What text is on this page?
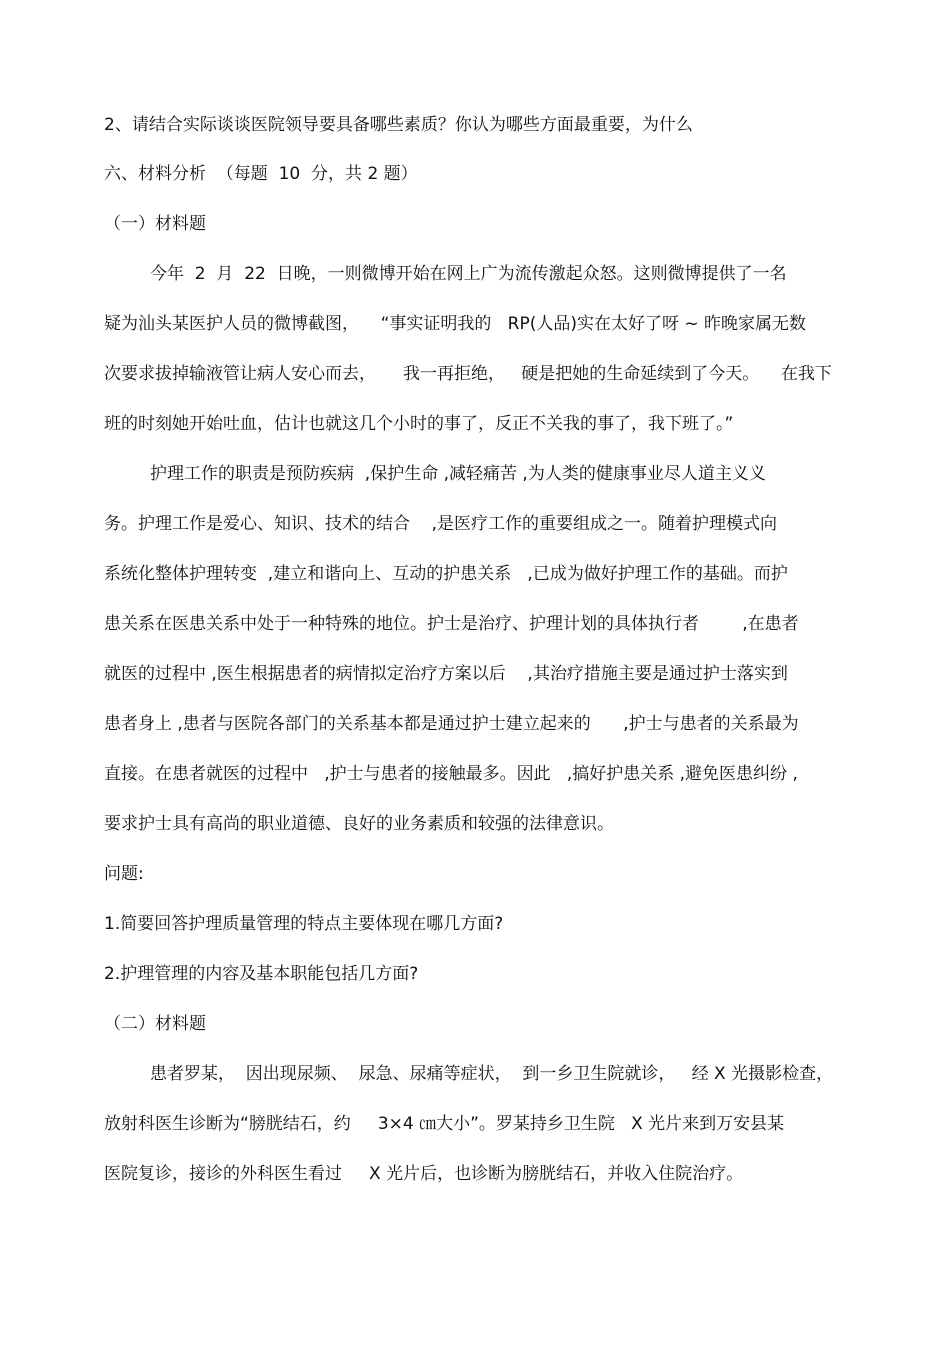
2、请结合实际谈谈医院领导要具备哪些素质？你认为哪些方面最重要，为什么
六、材料分析  （每题  10  分，共 2 题）
（一）材料题
今年  2  月  22  日晚，一则微博开始在网上广为流传激起众怒。这则微博提供了一名
疑为汕头某医护人员的微博截图，    “事实证明我的   RP(人品)实在太好了呀 ~ 昨晚家属无数
次要求拔掉输液管让病人安心而去，     我一再拒绝，   硬是把她的生命延续到了今天。    在我下
班的时刻她开始吐血，估计也就这几个小时的事了，反正不关我的事了，我下班了。”
护理工作的职责是预防疾病  ,保护生命 ,减轻痛苦 ,为人类的健康事业尽人道主义义
务。护理工作是爱心、知识、技术的结合    ,是医疗工作的重要组成之一。随着护理模式向
系统化整体护理转变  ,建立和谐向上、互动的护患关系   ,已成为做好护理工作的基础。而护
患关系在医患关系中处于一种特殊的地位。护士是治疗、护理计划的具体执行者        ,在患者
就医的过程中 ,医生根据患者的病情拟定治疗方案以后    ,其治疗措施主要是通过护士落实到
患者身上 ,患者与医院各部门的关系基本都是通过护士建立起来的      ,护士与患者的关系最为
直接。在患者就医的过程中   ,护士与患者的接触最多。因此   ,搞好护患关系 ,避免医患纠纷 ,
要求护士具有高尚的职业道德、良好的业务素质和较强的法律意识。
问题:
1.简要回答护理质量管理的特点主要体现在哪几方面?
2.护理管理的内容及基本职能包括几方面?
（二）材料题
患者罗某，  因出现尿频、  尿急、尿痛等症状，  到一乡卫生院就诊，   经 X 光摄影检查，
放射科医生诊断为“膀胱结石，约     3×4 ㎝大小”。罗某持乡卫生院   X 光片来到万安县某
医院复诊，接诊的外科医生看过     X 光片后，也诊断为膀胱结石，并收入住院治疗。
